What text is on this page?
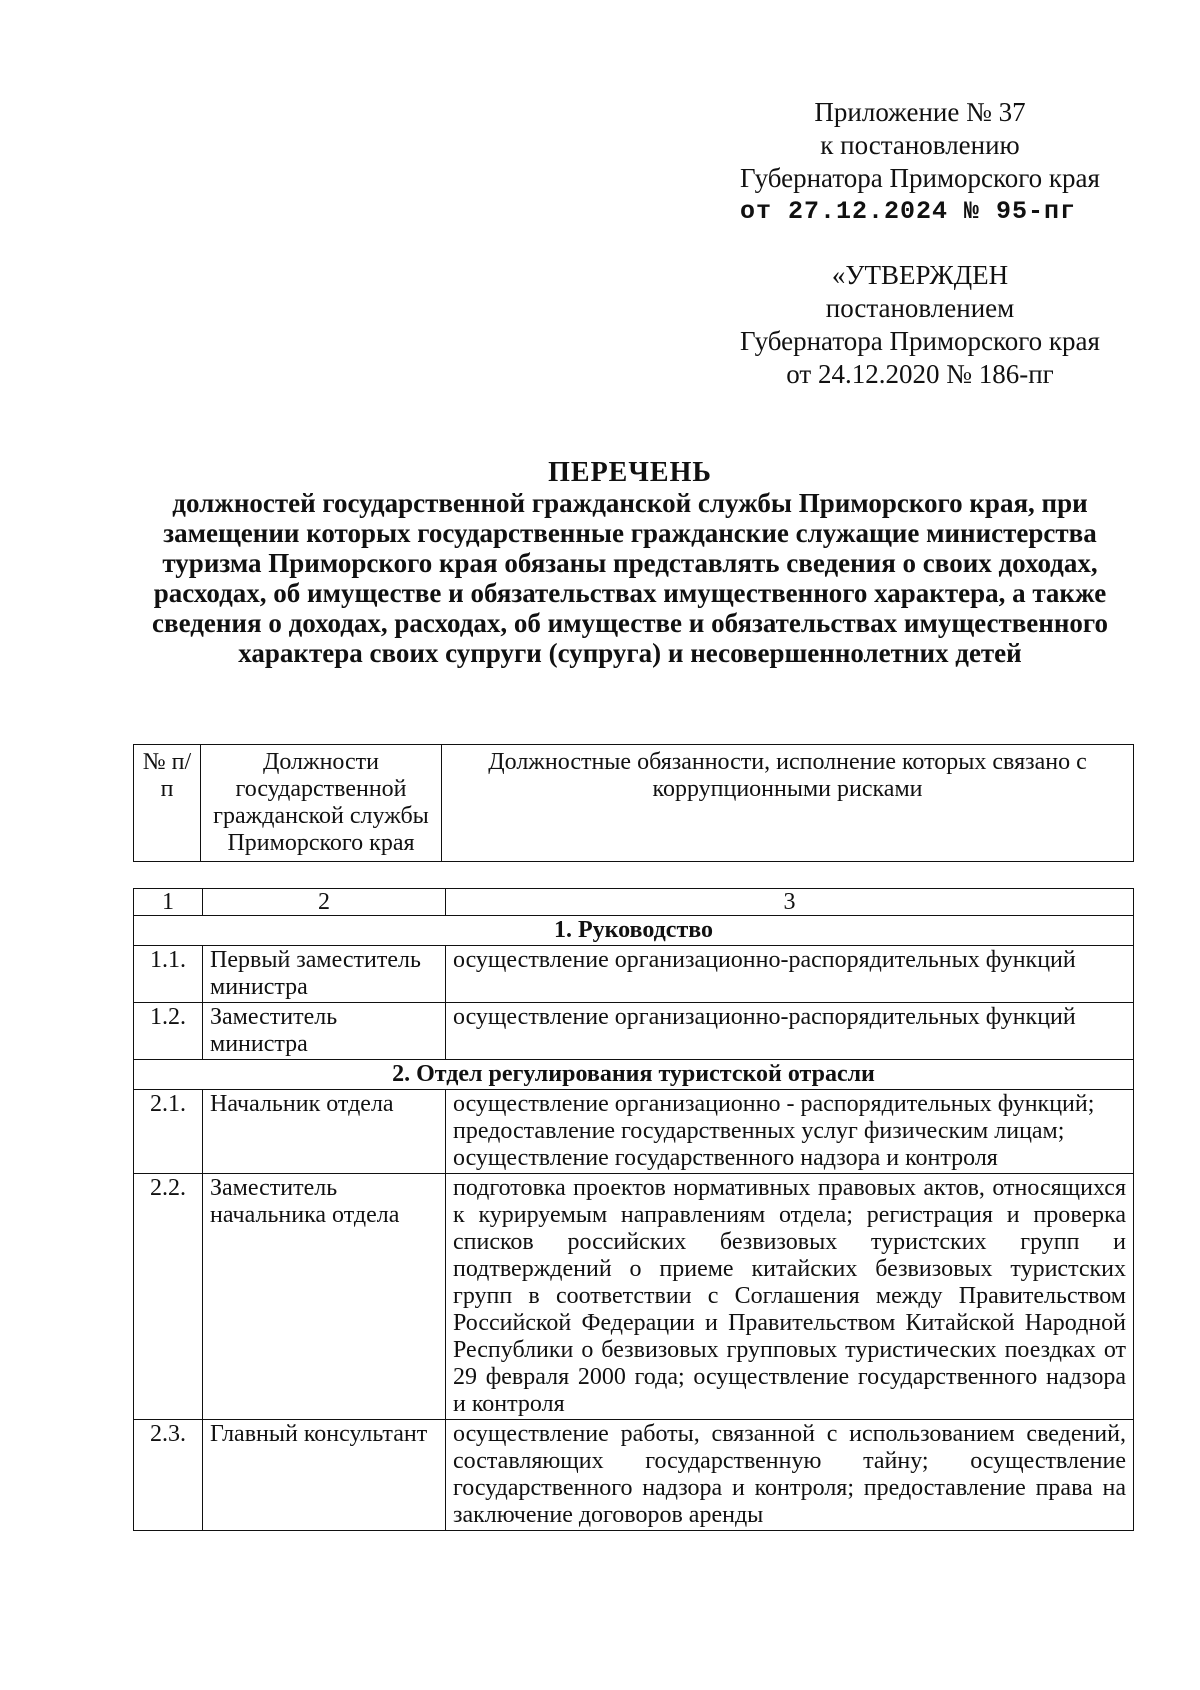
Приложение № 37
к постановлению
Губернатора Приморского края
от 27.12.2024 № 95-пг
«УТВЕРЖДЕН
постановлением
Губернатора Приморского края
от 24.12.2020 № 186-пг
ПЕРЕЧЕНЬ
должностей государственной гражданской службы Приморского края, при замещении которых государственные гражданские служащие министерства туризма Приморского края обязаны представлять сведения о своих доходах, расходах, об имуществе и обязательствах имущественного характера, а также сведения о доходах, расходах, об имуществе и обязательствах имущественного характера своих супруги (супруга) и несовершеннолетних детей
№ п/п	Должности государственной гражданской службы Приморского края	Должностные обязанности, исполнение которых связано с коррупционными рисками
1	2	3
1. Руководство		
1.1.	Первый заместитель министра	осуществление организационно-распорядительных функций
1.2.	Заместитель министра	осуществление организационно-распорядительных функций
2. Отдел регулирования туристской отрасли		
2.1.	Начальник отдела	осуществление организационно - распорядительных функций; предоставление государственных услуг физическим лицам; осуществление государственного надзора и контроля
2.2.	Заместитель начальника отдела	подготовка проектов нормативных правовых актов, относящихся к курируемым направлениям отдела; регистрация и проверка списков российских безвизовых туристских групп и подтверждений о приеме китайских безвизовых туристских групп в соответствии с Соглашения между Правительством Российской Федерации и Правительством Китайской Народной Республики о безвизовых групповых туристических поездках от 29 февраля 2000 года; осуществление государственного надзора и контроля
2.3.	Главный консультант	осуществление работы, связанной с использованием сведений, составляющих государственную тайну; осуществление государственного надзора и контроля; предоставление права на заключение договоров аренды
